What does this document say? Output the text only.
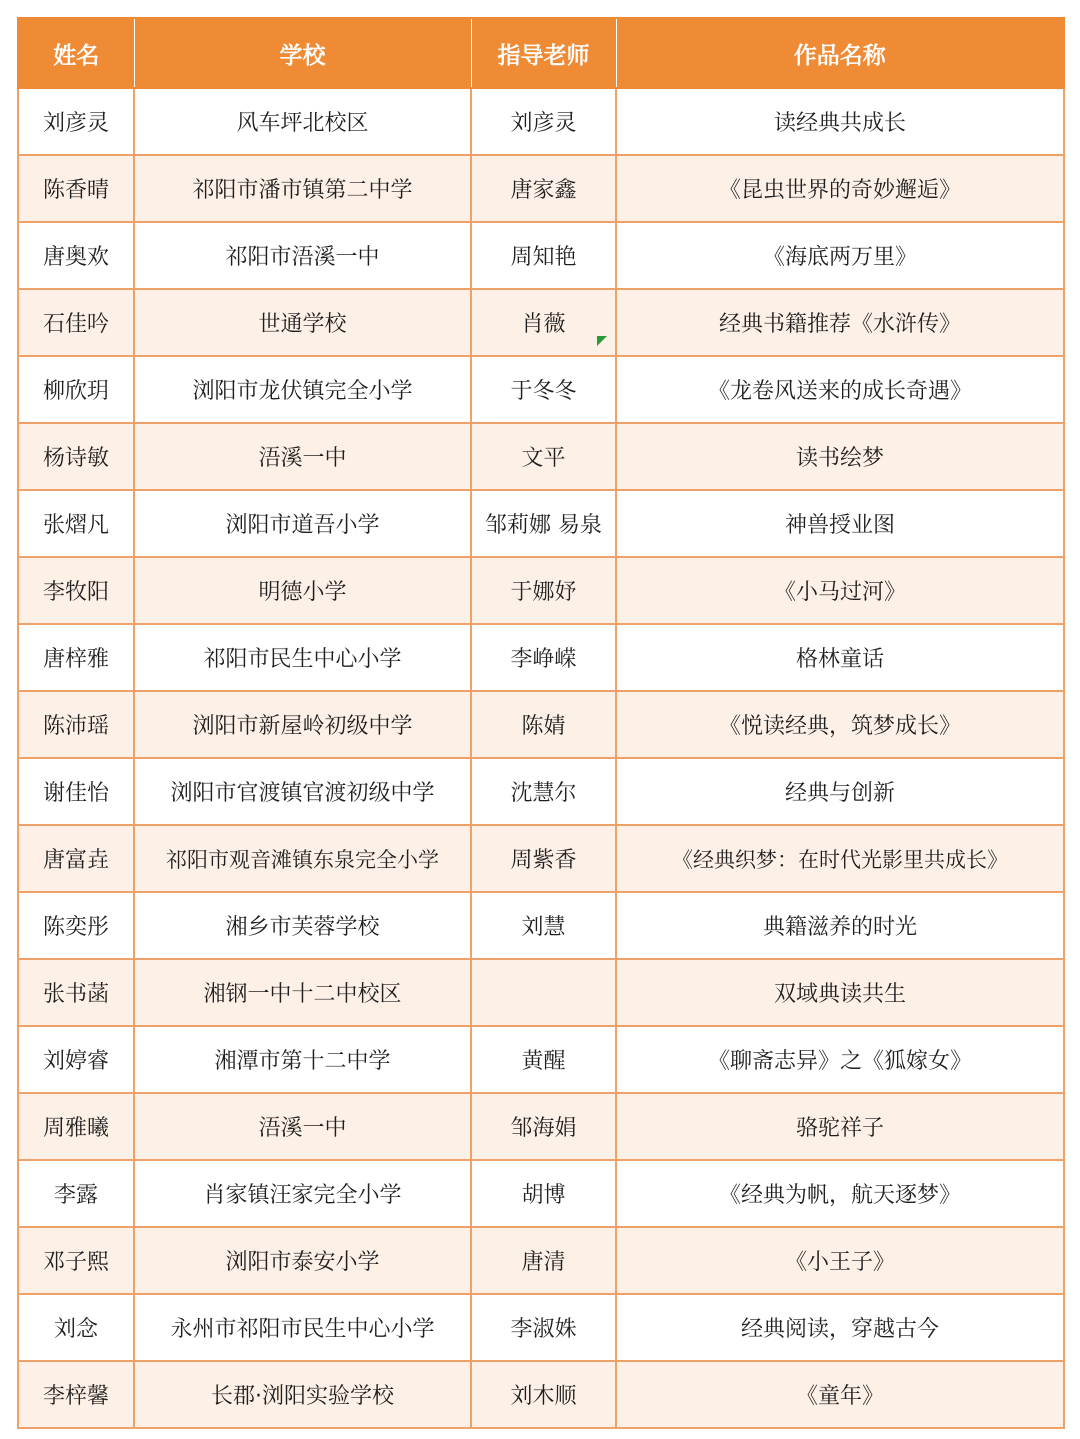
姓名	学校	指导老师	作品名称
刘彦灵	风车坪北校区	刘彦灵	读经典共成长
陈香晴	祁阳市潘市镇第二中学	唐家鑫	《昆虫世界的奇妙邂逅》
唐奥欢	祁阳市浯溪一中	周知艳	《海底两万里》
石佳吟	世通学校	肖薇	经典书籍推荐《水浒传》
柳欣玥	浏阳市龙伏镇完全小学	于冬冬	《龙卷风送来的成长奇遇》
杨诗敏	浯溪一中	文平	读书绘梦
张熠凡	浏阳市道吾小学	邹莉娜 易泉	神兽授业图
李牧阳	明德小学	于娜妤	《小马过河》
唐梓雅	祁阳市民生中心小学	李峥嵘	格林童话
陈沛瑶	浏阳市新屋岭初级中学	陈婧	《悦读经典，筑梦成长》
谢佳怡	浏阳市官渡镇官渡初级中学	沈慧尔	经典与创新
唐富垚	祁阳市观音滩镇东泉完全小学	周紫香	《经典织梦：在时代光影里共成长》
陈奕彤	湘乡市芙蓉学校	刘慧	典籍滋养的时光
张书菡	湘钢一中十二中校区		双域典读共生
刘婷睿	湘潭市第十二中学	黄醒	《聊斋志异》之《狐嫁女》
周雅曦	浯溪一中	邹海娟	骆驼祥子
李露	肖家镇汪家完全小学	胡博	《经典为帆，航天逐梦》
邓子熙	浏阳市泰安小学	唐清	《小王子》
刘念	永州市祁阳市民生中心小学	李淑姝	经典阅读，穿越古今
李梓馨	长郡·浏阳实验学校	刘木顺	《童年》
